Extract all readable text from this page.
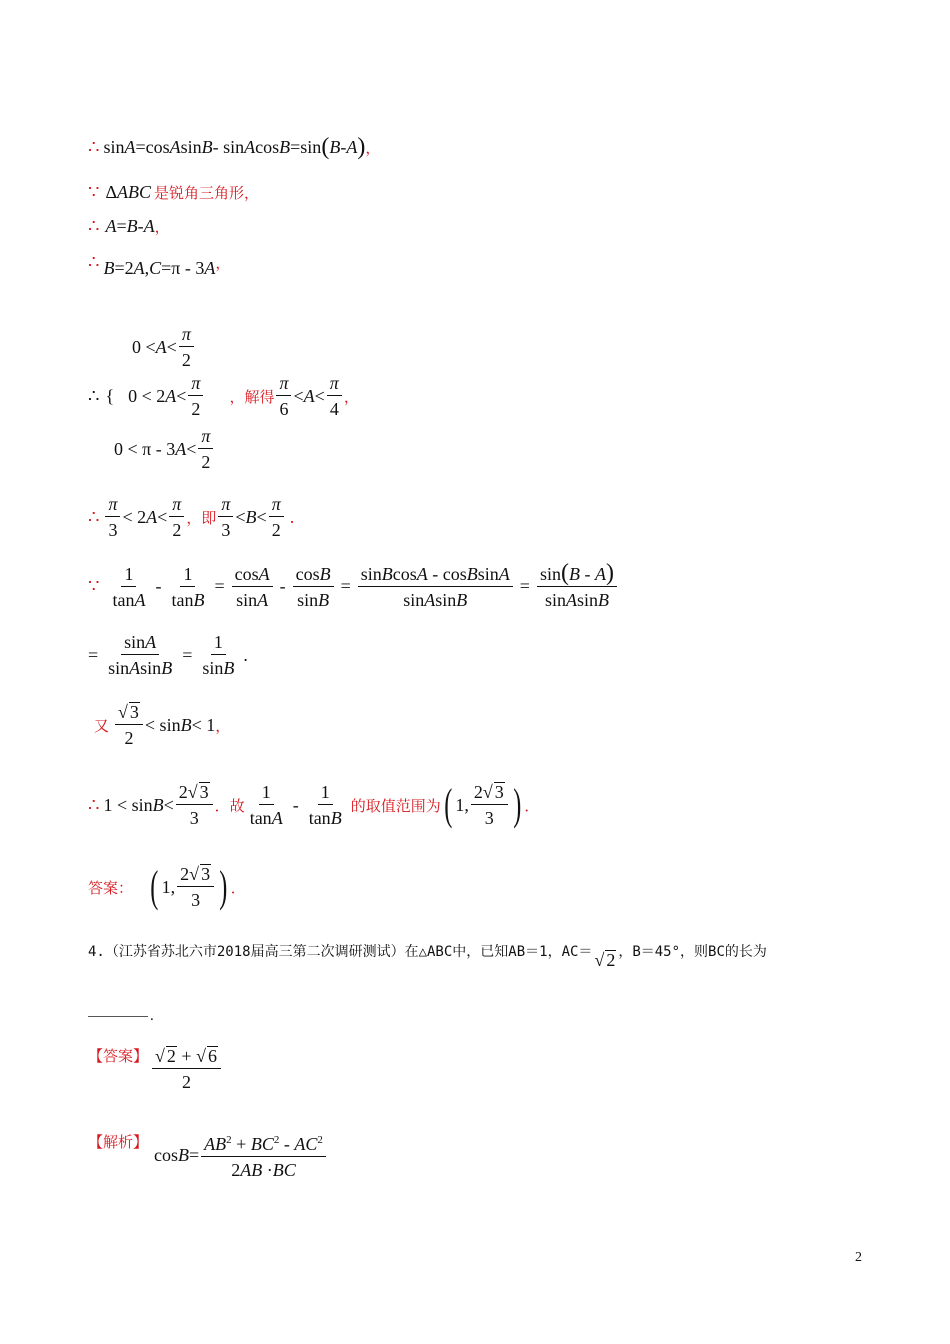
∴ sin A =cos A sin B - sin A cos B =sin ( B - A ) ，
∵ Δ ABC 是锐角三角形，
∴ A = B - A ，
∴ B =2 A , C =π - 3 A ，
$0 < A < \frac{\pi}{2}$
∴ { 0 < 2 $A < \frac{\pi}{2}$ ，解得 $\frac{\pi}{6} < A < \frac{\pi}{4}$ ，
0 < π - 3 $A < \frac{\pi}{2}$
∴ $\frac{\pi}{3} < 2$ $A < \frac{\pi}{2}$ ，即 $\frac{\pi}{3} < B < \frac{\pi}{2}$ .
∵ $\frac{1}{\tan A} - \frac{1}{\tan B} = \frac{\cos A}{\sin A} - \frac{\cos B}{\sin B} = \frac{\text{sinBcosA - cosBsinA}}{\text{sinAsinB}} = \frac{\sin(B - A)}{\text{sinAsinB}}$
= $\frac{\sin A}{\text{sinAsinB}} = \frac{1}{\sin B}$ .
又 $\frac{√ 3}{2} < \sin B < 1$ ，
∴ $1 < \sin B < \frac{2√ 3}{3}$ ．故 $\frac{1}{\tan A} - \frac{1}{\tan B}$ 的取值范围为 ( 1, $\frac{2√ 3}{3}$ ) ．
答案： ( 1, $\frac{2√ 3}{3}$ ) ．
4.（江苏省苏北六市2018届高三第二次调研测试）在△ABC中，已知AB＝1，AC＝ √ 2 ，B＝45°，则BC的长为
.
【答案】 $\frac{√ 2 + √ 6}{2}$
【解析】
$\cos B = \frac{AB^2 + BC^2 - AC^2}{2AB \cdot BC}$
2
